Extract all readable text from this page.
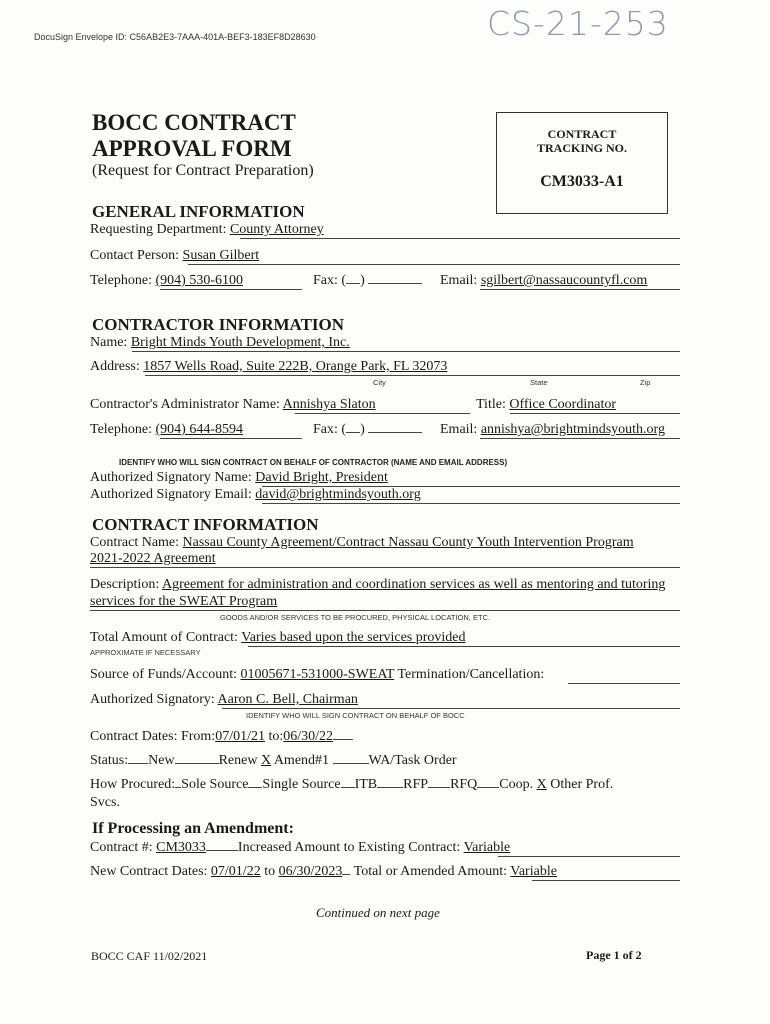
DocuSign Envelope ID: C56AB2E3-7AAA-401A-BEF3-183EF8D28630	CS-21-253
BOCC CONTRACT
APPROVAL FORM
(Request for Contract Preparation)
CONTRACT
TRACKING NO.
CM3033-A1
GENERAL INFORMATION
Requesting Department: County Attorney
Contact Person: Susan Gilbert
Telephone: (904) 530-6100	Fax: ( )	Email: sgilbert@nassaucountyfl.com
CONTRACTOR INFORMATION
Name: Bright Minds Youth Development, Inc.
Address: 1857 Wells Road, Suite 222B, Orange Park, FL 32073
City	State	Zip
Contractor's Administrator Name: Annishya Slaton	Title: Office Coordinator
Telephone: (904) 644-8594	Fax: ( )	Email: annishya@brightmindsyouth.org
IDENTIFY WHO WILL SIGN CONTRACT ON BEHALF OF CONTRACTOR (NAME AND EMAIL ADDRESS)
Authorized Signatory Name: David Bright, President
Authorized Signatory Email: david@brightmindsyouth.org
CONTRACT INFORMATION
Contract Name: Nassau County Agreement/Contract Nassau County Youth Intervention Program
2021-2022 Agreement
Description: Agreement for administration and coordination services as well as mentoring and tutoring
services for the SWEAT Program
GOODS AND/OR SERVICES TO BE PROCURED, PHYSICAL LOCATION, ETC.
Total Amount of Contract: Varies based upon the services provided
APPROXIMATE IF NECESSARY
Source of Funds/Account: 01005671-531000-SWEAT Termination/Cancellation:
Authorized Signatory: Aaron C. Bell, Chairman
IDENTIFY WHO WILL SIGN CONTRACT ON BEHALF OF BOCC
Contract Dates: From:07/01/21 to:06/30/22
Status: New	Renew X Amend#1	WA/Task Order
How Procured: Sole Source Single Source ITB RFP RFQ Coop. X Other Prof.
Svcs.
If Processing an Amendment:
Contract #: CM3033 Increased Amount to Existing Contract: Variable
New Contract Dates: 07/01/22 to 06/30/2023 Total or Amended Amount: Variable
Continued on next page
BOCC CAF 11/02/2021	Page 1 of 2
